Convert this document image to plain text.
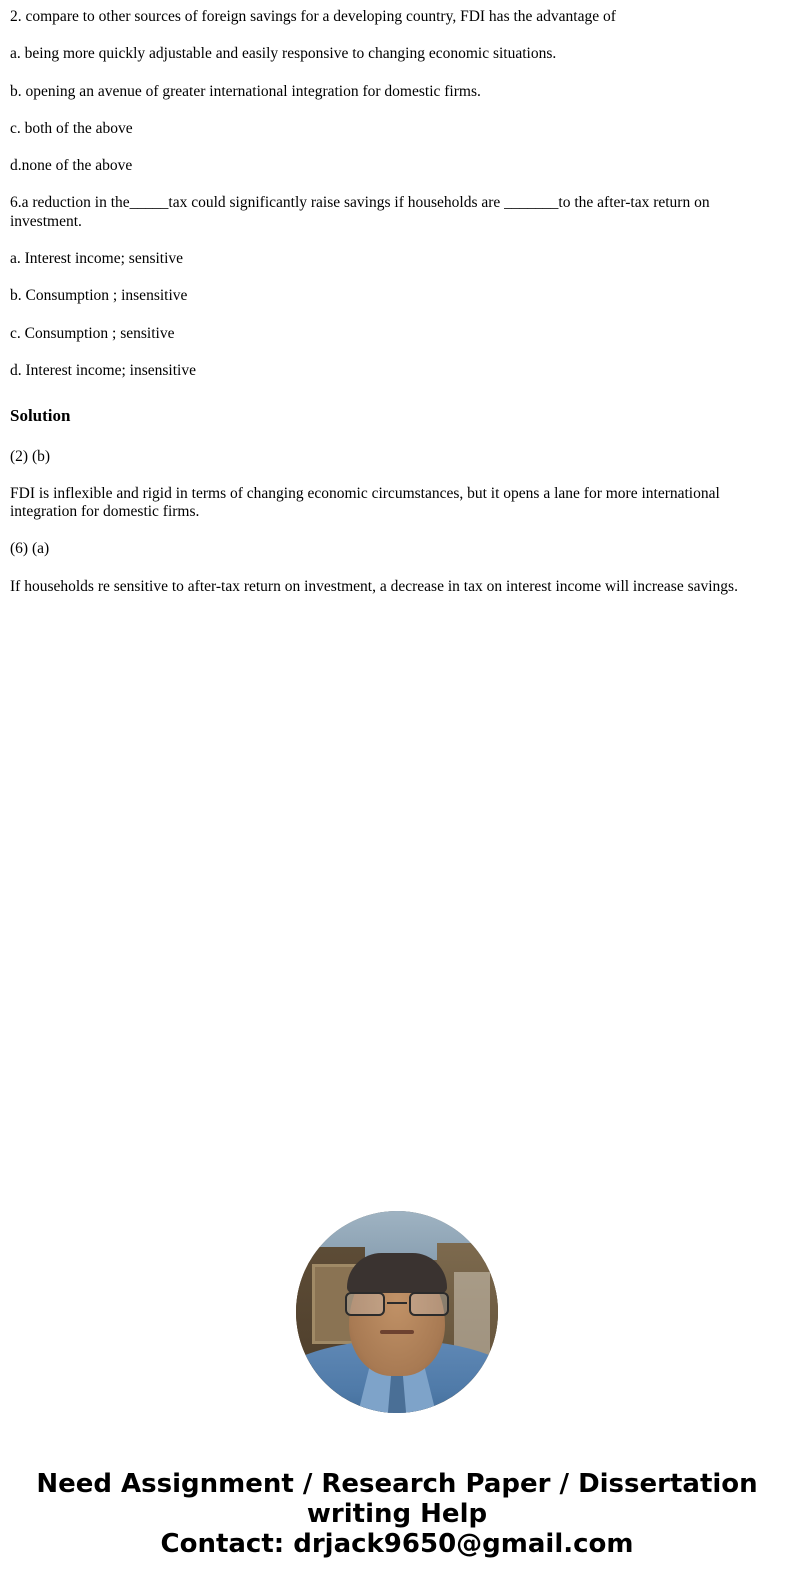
2. compare to other sources of foreign savings for a developing country, FDI has the advantage of

a. being more quickly adjustable and easily responsive to changing economic situations.

b. opening an avenue of greater international integration for domestic firms.

c. both of the above

d.none of the above

6.a reduction in the_____tax could significantly raise savings if households are _______to the after-tax return on investment.

a. Interest income; sensitive

b. Consumption ; insensitive

c. Consumption ; sensitive

d. Interest income; insensitive

Solution

(2) (b)

FDI is inflexible and rigid in terms of changing economic circumstances, but it opens a lane for more international integration for domestic firms.

(6) (a)

If households re sensitive to after-tax return on investment, a decrease in tax on interest income will increase savings.

Need Assignment / Research Paper / Dissertation
writing Help
Contact: drjack9650@gmail.com
